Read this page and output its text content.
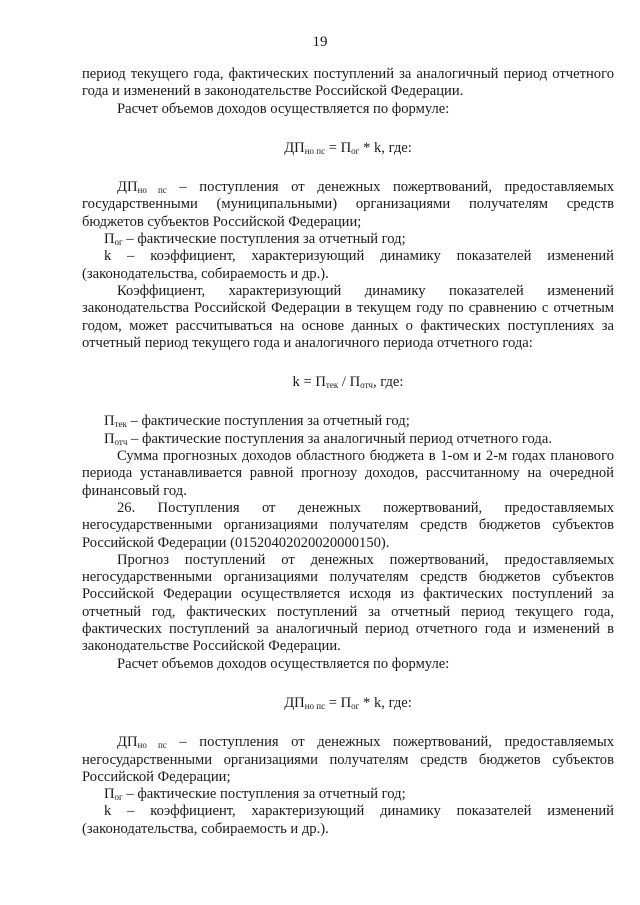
19

период текущего года, фактических поступлений за аналогичный период отчетного года и изменений в законодательстве Российской Федерации.

Расчет объемов доходов осуществляется по формуле:

$ДП_{но пс} = П_{ог} * k$, где:

$ДП_{но пс}$ – поступления от денежных пожертвований, предоставляемых государственными (муниципальными) организациями получателям средств бюджетов субъектов Российской Федерации;

$П_{ог}$ – фактические поступления за отчетный год;

k – коэффициент, характеризующий динамику показателей изменений (законодательства, собираемость и др.).

Коэффициент, характеризующий динамику показателей изменений законодательства Российской Федерации в текущем году по сравнению с отчетным годом, может рассчитываться на основе данных о фактических поступлениях за отчетный период текущего года и аналогичного периода отчетного года:

$k = П_{тек} / П_{отч}$, где:

$П_{тек}$ – фактические поступления за отчетный год;

$П_{отч}$ – фактические поступления за аналогичный период отчетного года.

Сумма прогнозных доходов областного бюджета в 1-ом и 2-м годах планового периода устанавливается равной прогнозу доходов, рассчитанному на очередной финансовый год.

26. Поступления от денежных пожертвований, предоставляемых негосударственными организациями получателям средств бюджетов субъектов Российской Федерации (01520402020020000150).

Прогноз поступлений от денежных пожертвований, предоставляемых негосударственными организациями получателям средств бюджетов субъектов Российской Федерации осуществляется исходя из фактических поступлений за отчетный год, фактических поступлений за отчетный период текущего года, фактических поступлений за аналогичный период отчетного года и изменений в законодательстве Российской Федерации.

Расчет объемов доходов осуществляется по формуле:

$ДП_{но пс} = П_{ог} * k$, где:

$ДП_{но пс}$ – поступления от денежных пожертвований, предоставляемых негосударственными организациями получателям средств бюджетов субъектов Российской Федерации;

$П_{ог}$ – фактические поступления за отчетный год;

k – коэффициент, характеризующий динамику показателей изменений (законодательства, собираемость и др.).
